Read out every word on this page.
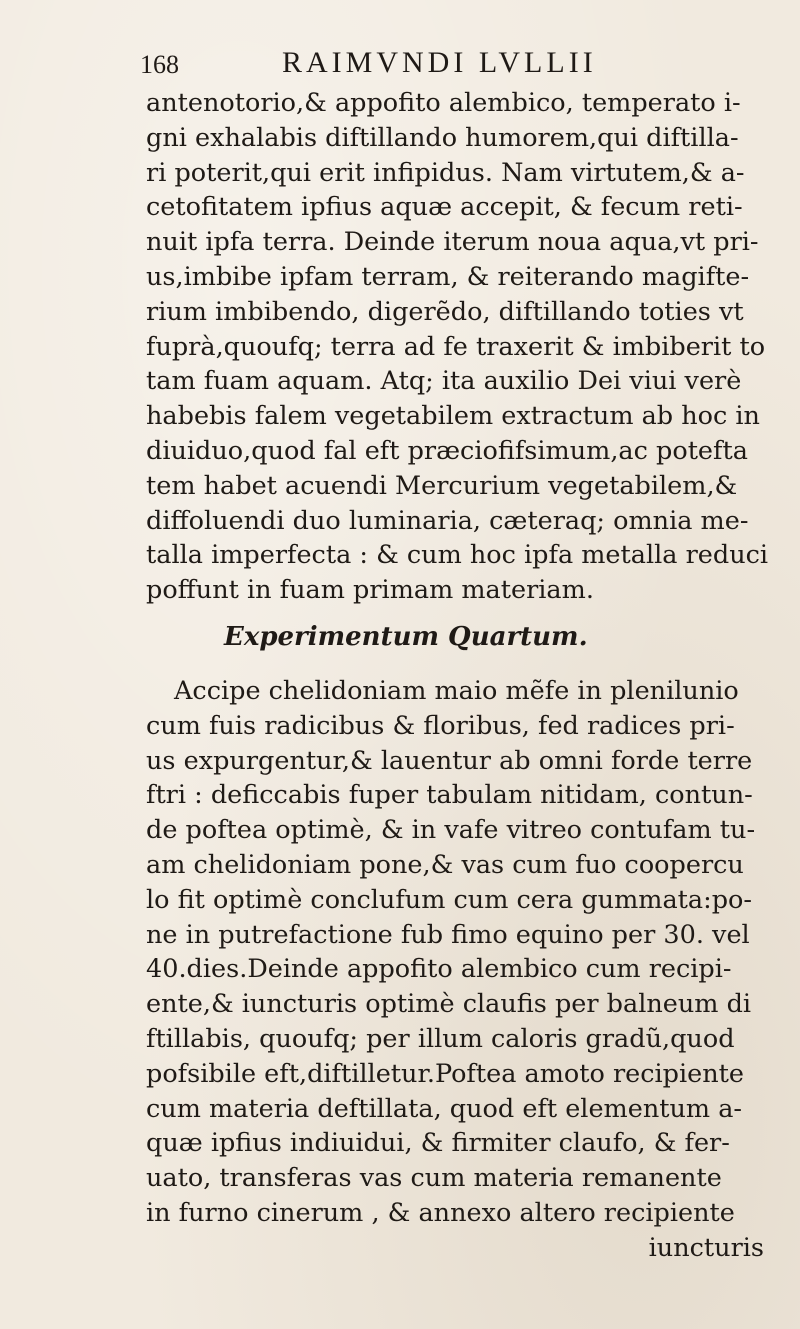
168	RAIMVNDI LVLLII
antenotorio,& appofito alembico, temperato i-
gni exhalabis diftillando humorem,qui diftilla-
ri poterit,qui erit infipidus. Nam virtutem,& a-
cetofitatem ipfius aquæ accepit, & fecum reti-
nuit ipfa terra. Deinde iterum noua aqua,vt pri-
us,imbibe ipfam terram, & reiterando magifte-
rium imbibendo, digerẽdo, diftillando toties vt
fuprà,quoufq; terra ad fe traxerit & imbiberit to
tam fuam aquam. Atq; ita auxilio Dei viui verè
habebis falem vegetabilem extractum ab hoc in
diuiduo,quod fal eft præciofifsimum,ac potefta
tem habet acuendi Mercurium vegetabilem,&
diffoluendi duo luminaria, cæteraq; omnia me-
talla imperfecta : & cum hoc ipfa metalla reduci
poffunt in fuam primam materiam.
Experimentum Quartum.
Accipe chelidoniam maio mẽfe in plenilunio
cum fuis radicibus & floribus, fed radices pri-
us expurgentur,& lauentur ab omni forde terre
ftri : deficcabis fuper tabulam nitidam, contun-
de poftea optimè, & in vafe vitreo contufam tu-
am chelidoniam pone,& vas cum fuo coopercu
lo fit optimè conclufum cum cera gummata:po-
ne in putrefactione fub fimo equino per 30. vel
40.dies.Deinde appofito alembico cum recipi-
ente,& iuncturis optimè claufis per balneum di
ftillabis, quoufq; per illum caloris gradũ,quod
pofsibile eft,diftilletur.Poftea amoto recipiente
cum materia deftillata, quod eft elementum a-
quæ ipfius indiuidui, & firmiter claufo, & fer-
uato, transferas vas cum materia remanente
in furno cinerum , & annexo altero recipiente
iuncturis
